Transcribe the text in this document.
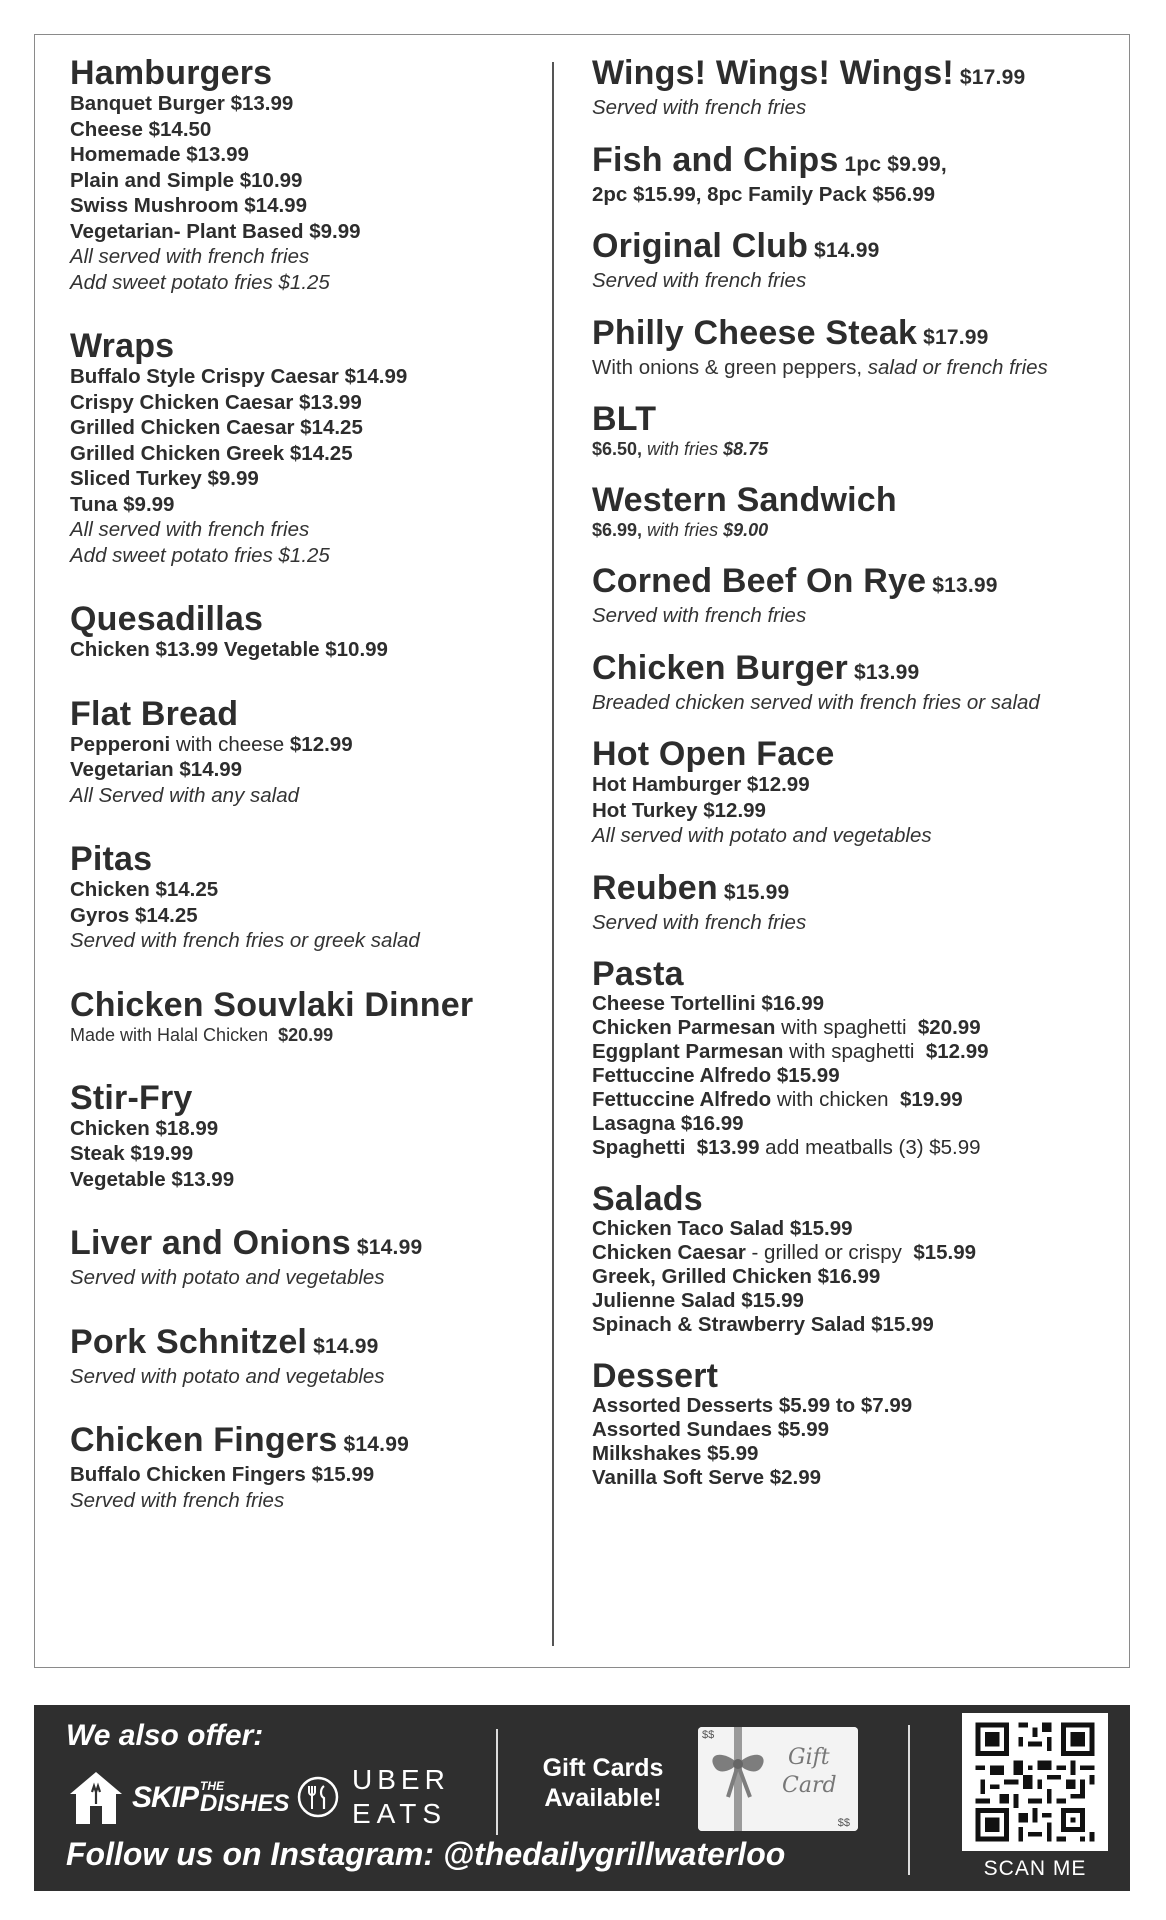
Hamburgers
Banquet Burger $13.99
Cheese $14.50
Homemade $13.99
Plain and Simple $10.99
Swiss Mushroom $14.99
Vegetarian- Plant Based $9.99
All served with french fries
Add sweet potato fries $1.25
Wraps
Buffalo Style Crispy Caesar $14.99
Crispy Chicken Caesar $13.99
Grilled Chicken Caesar $14.25
Grilled Chicken Greek $14.25
Sliced Turkey $9.99
Tuna $9.99
All served with french fries
Add sweet potato fries $1.25
Quesadillas
Chicken $13.99 Vegetable $10.99
Flat Bread
Pepperoni with cheese $12.99
Vegetarian $14.99
All Served with any salad
Pitas
Chicken $14.25
Gyros $14.25
Served with french fries or greek salad
Chicken Souvlaki Dinner
Made with Halal Chicken  $20.99
Stir-Fry
Chicken $18.99
Steak $19.99
Vegetable $13.99
Liver and Onions $14.99
Served with potato and vegetables
Pork Schnitzel $14.99
Served with potato and vegetables
Chicken Fingers $14.99
Buffalo Chicken Fingers $15.99
Served with french fries
Wings! Wings! Wings! $17.99
Served with french fries
Fish and Chips 1pc $9.99,
2pc $15.99, 8pc Family Pack $56.99
Original Club $14.99
Served with french fries
Philly Cheese Steak $17.99
With onions & green peppers, salad or french fries
BLT
$6.50, with fries $8.75
Western Sandwich
$6.99, with fries $9.00
Corned Beef On Rye $13.99
Served with french fries
Chicken Burger $13.99
Breaded chicken served with french fries or salad
Hot Open Face
Hot Hamburger $12.99
Hot Turkey $12.99
All served with potato and vegetables
Reuben $15.99
Served with french fries
Pasta
Cheese Tortellini $16.99
Chicken Parmesan with spaghetti  $20.99
Eggplant Parmesan with spaghetti  $12.99
Fettuccine Alfredo $15.99
Fettuccine Alfredo with chicken  $19.99
Lasagna $16.99
Spaghetti  $13.99 add meatballs (3) $5.99
Salads
Chicken Taco Salad $15.99
Chicken Caesar - grilled or crispy  $15.99
Greek, Grilled Chicken $16.99
Julienne Salad $15.99
Spinach & Strawberry Salad $15.99
Dessert
Assorted Desserts $5.99 to $7.99
Assorted Sundaes $5.99
Milkshakes $5.99
Vanilla Soft Serve $2.99
We also offer:
SKIP THE
DISHES
UBER
EATS
Gift Cards
Available!
$$
$$
Gift
Card
SCAN ME
Follow us on Instagram: @thedailygrillwaterloo
